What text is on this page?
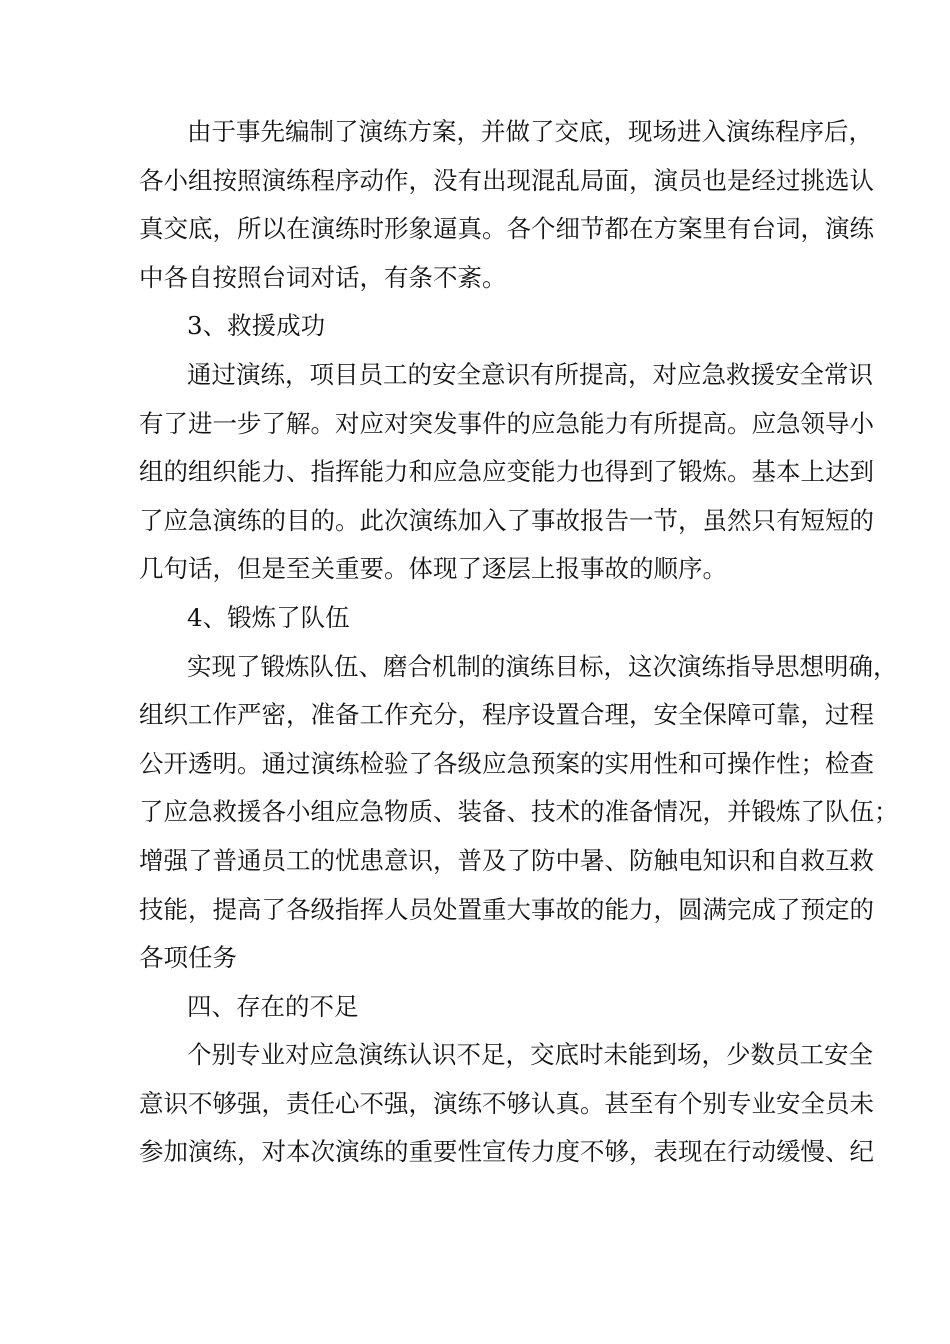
由于事先编制了演练方案，并做了交底，现场进入演练程序后，
各小组按照演练程序动作，没有出现混乱局面，演员也是经过挑选认
真交底，所以在演练时形象逼真。各个细节都在方案里有台词，演练
中各自按照台词对话，有条不紊。
3、救援成功
通过演练，项目员工的安全意识有所提高，对应急救援安全常识
有了进一步了解。对应对突发事件的应急能力有所提高。应急领导小
组的组织能力、指挥能力和应急应变能力也得到了锻炼。基本上达到
了应急演练的目的。此次演练加入了事故报告一节，虽然只有短短的
几句话，但是至关重要。体现了逐层上报事故的顺序。
4、锻炼了队伍
实现了锻炼队伍、磨合机制的演练目标，这次演练指导思想明确，
组织工作严密，准备工作充分，程序设置合理，安全保障可靠，过程
公开透明。通过演练检验了各级应急预案的实用性和可操作性；检查
了应急救援各小组应急物质、装备、技术的准备情况，并锻炼了队伍；
增强了普通员工的忧患意识，普及了防中暑、防触电知识和自救互救
技能，提高了各级指挥人员处置重大事故的能力，圆满完成了预定的
各项任务
四、存在的不足
个别专业对应急演练认识不足，交底时未能到场，少数员工安全
意识不够强，责任心不强，演练不够认真。甚至有个别专业安全员未
参加演练，对本次演练的重要性宣传力度不够，表现在行动缓慢、纪
